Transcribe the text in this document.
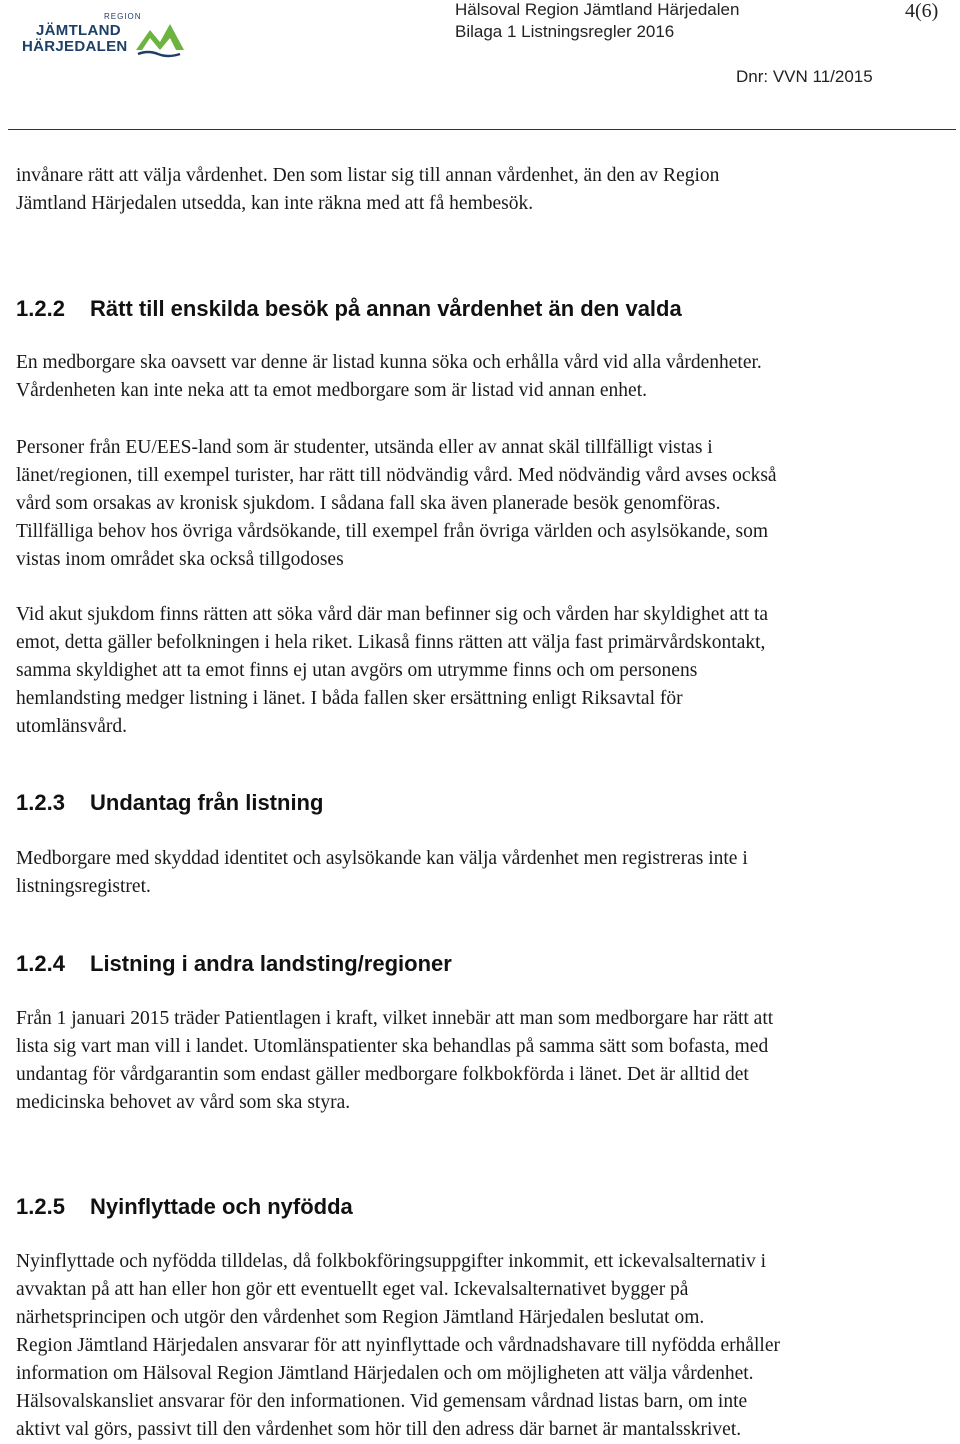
REGION
JÄMTLAND
HÄRJEDALEN
Hälsoval Region Jämtland Härjedalen
Bilaga 1 Listningsregler 2016
4(6)
Dnr: VVN 11/2015
invånare rätt att välja vårdenhet. Den som listar sig till annan vårdenhet, än den av Region
Jämtland Härjedalen utsedda, kan inte räkna med att få hembesök.
1.2.2 Rätt till enskilda besök på annan vårdenhet än den valda
En medborgare ska oavsett var denne är listad kunna söka och erhålla vård vid alla vårdenheter.
Vårdenheten kan inte neka att ta emot medborgare som är listad vid annan enhet.
Personer från EU/EES-land som är studenter, utsända eller av annat skäl tillfälligt vistas i
länet/regionen, till exempel turister, har rätt till nödvändig vård. Med nödvändig vård avses också
vård som orsakas av kronisk sjukdom. I sådana fall ska även planerade besök genomföras.
Tillfälliga behov hos övriga vårdsökande, till exempel från övriga världen och asylsökande, som
vistas inom området ska också tillgodoses
Vid akut sjukdom finns rätten att söka vård där man befinner sig och vården har skyldighet att ta
emot, detta gäller befolkningen i hela riket. Likaså finns rätten att välja fast primärvårdskontakt,
samma skyldighet att ta emot finns ej utan avgörs om utrymme finns och om personens
hemlandsting medger listning i länet. I båda fallen sker ersättning enligt Riksavtal för
utomlänsvård.
1.2.3 Undantag från listning
Medborgare med skyddad identitet och asylsökande kan välja vårdenhet men registreras inte i
listningsregistret.
1.2.4 Listning i andra landsting/regioner
Från 1 januari 2015 träder Patientlagen i kraft, vilket innebär att man som medborgare har rätt att
lista sig vart man vill i landet. Utomlänspatienter ska behandlas på samma sätt som bofasta, med
undantag för vårdgarantin som endast gäller medborgare folkbokförda i länet. Det är alltid det
medicinska behovet av vård som ska styra.
1.2.5 Nyinflyttade och nyfödda
Nyinflyttade och nyfödda tilldelas, då folkbokföringsuppgifter inkommit, ett ickevalsalternativ i
avvaktan på att han eller hon gör ett eventuellt eget val. Ickevalsalternativet bygger på
närhetsprincipen och utgör den vårdenhet som Region Jämtland Härjedalen beslutat om.
Region Jämtland Härjedalen ansvarar för att nyinflyttade och vårdnadshavare till nyfödda erhåller
information om Hälsoval Region Jämtland Härjedalen och om möjligheten att välja vårdenhet.
Hälsovalskansliet ansvarar för den informationen. Vid gemensam vårdnad listas barn, om inte
aktivt val görs, passivt till den vårdenhet som hör till den adress där barnet är mantalsskrivet.
